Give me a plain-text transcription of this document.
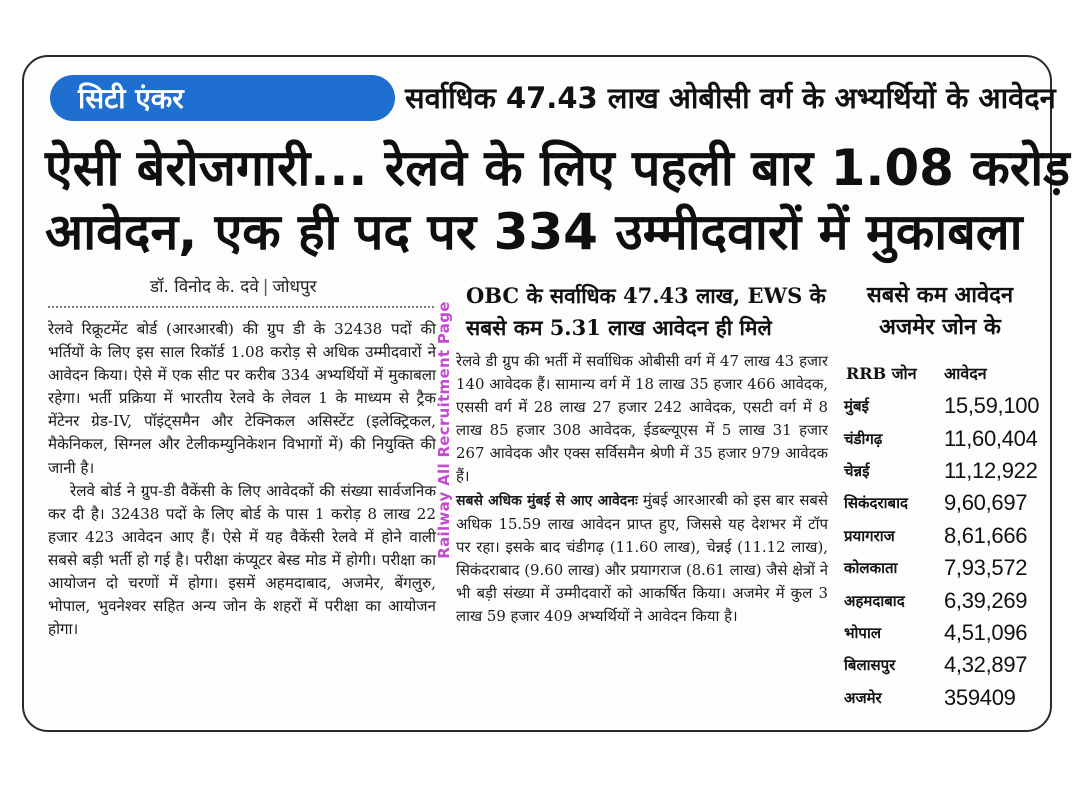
सिटी एंकर	सर्वाधिक 47.43 लाख ओबीसी वर्ग के अभ्यर्थियों के आवेदन
ऐसी बेरोजगारी... रेलवे के लिए पहली बार 1.08 करोड़
आवेदन, एक ही पद पर 334 उम्मीदवारों में मुकाबला
डॉ. विनोद के. दवे | जोधपुर

रेलवे रिक्रूटमेंट बोर्ड (आरआरबी) की ग्रुप डी के 32438 पदों की भर्तियों के लिए इस साल रिकॉर्ड 1.08 करोड़ से अधिक उम्मीदवारों ने आवेदन किया। ऐसे में एक सीट पर करीब 334 अभ्यर्थियों में मुकाबला रहेगा। भर्ती प्रक्रिया में भारतीय रेलवे के लेवल 1 के माध्यम से ट्रैक मेंटेनर ग्रेड-IV, पॉइंट्समैन और टेक्निकल असिस्टेंट (इलेक्ट्रिकल, मैकेनिकल, सिग्नल और टेलीकम्युनिकेशन विभागों में) की नियुक्ति की जानी है।

रेलवे बोर्ड ने ग्रुप-डी वैकेंसी के लिए आवेदकों की संख्या सार्वजनिक कर दी है। 32438 पदों के लिए बोर्ड के पास 1 करोड़ 8 लाख 22 हजार 423 आवेदन आए हैं। ऐसे में यह वैकेंसी रेलवे में होने वाली सबसे बड़ी भर्ती हो गई है। परीक्षा कंप्यूटर बेस्ड मोड में होगी। परीक्षा का आयोजन दो चरणों में होगा। इसमें अहमदाबाद, अजमेर, बेंगलुरु, भोपाल, भुवनेश्वर सहित अन्य जोन के शहरों में परीक्षा का आयोजन होगा।

Railway All Recruitment Page
OBC के सर्वाधिक 47.43 लाख, EWS के सबसे कम 5.31 लाख आवेदन ही मिले

रेलवे डी ग्रुप की भर्ती में सर्वाधिक ओबीसी वर्ग में 47 लाख 43 हजार 140 आवेदक हैं। सामान्य वर्ग में 18 लाख 35 हजार 466 आवेदक, एससी वर्ग में 28 लाख 27 हजार 242 आवेदक, एसटी वर्ग में 8 लाख 85 हजार 308 आवेदक, ईडब्ल्यूएस में 5 लाख 31 हजार 267 आवेदक और एक्स सर्विसमैन श्रेणी में 35 हजार 979 आवेदक हैं।

सबसे अधिक मुंबई से आए आवेदनः मुंबई आरआरबी को इस बार सबसे अधिक 15.59 लाख आवेदन प्राप्त हुए, जिससे यह देशभर में टॉप पर रहा। इसके बाद चंडीगढ़ (11.60 लाख), चेन्नई (11.12 लाख), सिकंदराबाद (9.60 लाख) और प्रयागराज (8.61 लाख) जैसे क्षेत्रों ने भी बड़ी संख्या में उम्मीदवारों को आकर्षित किया। अजमेर में कुल 3 लाख 59 हजार 409 अभ्यर्थियों ने आवेदन किया है।

सबसे कम आवेदन अजमेर जोन के
RRB जोन	आवेदन
मुंबई	15,59,100
चंडीगढ़	11,60,404
चेन्नई	11,12,922
सिकंदराबाद	9,60,697
प्रयागराज	8,61,666
कोलकाता	7,93,572
अहमदाबाद	6,39,269
भोपाल	4,51,096
बिलासपुर	4,32,897
अजमेर	359409
